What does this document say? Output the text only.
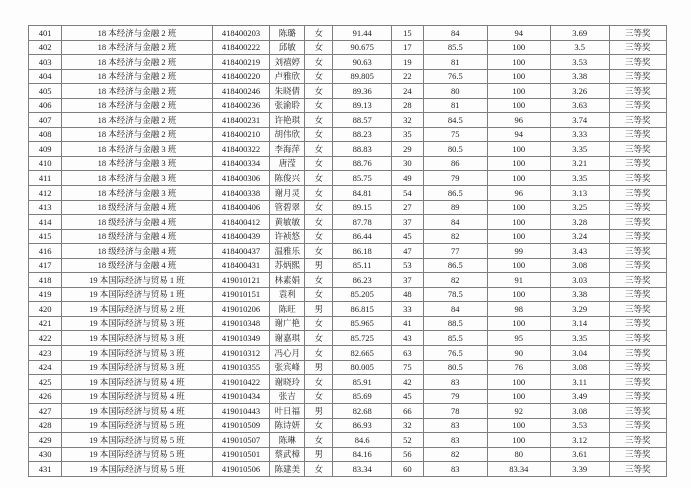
401	18 本经济与金融 2 班	418400203	陈璐	女	91.44	15	84	94	3.69	三等奖
402	18 本经济与金融 2 班	418400222	邱敏	女	90.675	17	85.5	100	3.5	三等奖
403	18 本经济与金融 2 班	418400219	刘禧婷	女	90.63	19	81	100	3.53	三等奖
404	18 本经济与金融 2 班	418400220	卢雅欣	女	89.805	22	76.5	100	3.38	三等奖
405	18 本经济与金融 2 班	418400246	朱晓倩	女	89.36	24	80	100	3.26	三等奖
406	18 本经济与金融 2 班	418400236	张渝聆	女	89.13	28	81	100	3.63	三等奖
407	18 本经济与金融 2 班	418400231	许艳琪	女	88.57	32	84.5	96	3.74	三等奖
408	18 本经济与金融 2 班	418400210	胡伟欣	女	88.23	35	75	94	3.33	三等奖
409	18 本经济与金融 3 班	418400322	李海萍	女	88.83	29	80.5	100	3.35	三等奖
410	18 本经济与金融 3 班	418400334	唐滢	女	88.76	30	86	100	3.21	三等奖
411	18 本经济与金融 3 班	418400306	陈俊兴	女	85.75	49	79	100	3.35	三等奖
412	18 本经济与金融 3 班	418400338	谢月灵	女	84.81	54	86.5	96	3.13	三等奖
413	18 级经济与金融 4 班	418400406	管碧翠	女	89.15	27	89	100	3.25	三等奖
414	18 级经济与金融 4 班	418400412	黄敏敏	女	87.78	37	84	100	3.28	三等奖
415	18 级经济与金融 4 班	418400439	许祯悠	女	86.44	45	82	100	3.24	三等奖
416	18 级经济与金融 4 班	418400437	温雅乐	女	86.18	47	77	99	3.43	三等奖
417	18 级经济与金融 4 班	418400431	苏炳熙	男	85.11	53	86.5	100	3.08	三等奖
418	19 本国际经济与贸易 1 班	419010121	林素娟	女	86.23	37	82	91	3.03	三等奖
419	19 本国际经济与贸易 1 班	419010151	袁利	女	85.205	48	78.5	100	3.38	三等奖
420	19 本国际经济与贸易 2 班	419010206	陈旺	男	86.815	33	84	98	3.29	三等奖
421	19 本国际经济与贸易 3 班	419010348	谢广艳	女	85.965	41	88.5	100	3.14	三等奖
422	19 本国际经济与贸易 3 班	419010349	谢嘉琪	女	85.725	43	85.5	95	3.35	三等奖
423	19 本国际经济与贸易 3 班	419010312	冯心月	女	82.665	63	76.5	90	3.04	三等奖
424	19 本国际经济与贸易 3 班	419010355	张宾峰	男	80.005	75	80.5	76	3.08	三等奖
425	19 本国际经济与贸易 4 班	419010422	谢晓玲	女	85.91	42	83	100	3.11	三等奖
426	19 本国际经济与贸易 4 班	419010434	张吉	女	85.69	45	79	100	3.49	三等奖
427	19 本国际经济与贸易 4 班	419010443	叶日福	男	82.68	66	78	92	3.08	三等奖
428	19 本国际经济与贸易 5 班	419010509	陈诗妍	女	86.93	32	83	100	3.53	三等奖
429	19 本国际经济与贸易 5 班	419010507	陈琳	女	84.6	52	83	100	3.12	三等奖
430	19 本国际经济与贸易 5 班	419010501	蔡武樟	男	84.16	56	82	80	3.61	三等奖
431	19 本国际经济与贸易 5 班	419010506	陈建美	女	83.34	60	83	83.34	3.39	三等奖
